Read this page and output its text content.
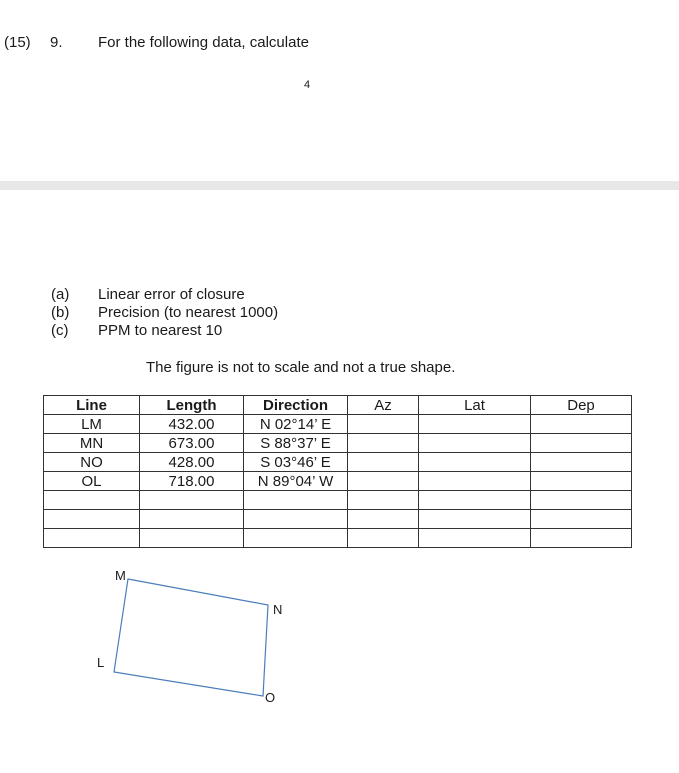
(15) 9. For the following data, calculate
4
(a) Linear error of closure
(b) Precision (to nearest 1000)
(c) PPM to nearest 10
The figure is not to scale and not a true shape.
Line	Length	Direction	Az	Lat	Dep
LM	432.00	N 02°14’ E			
MN	673.00	S 88°37’ E			
NO	428.00	S 03°46’ E			
OL	718.00	N 89°04’ W			

M
N
O
L
